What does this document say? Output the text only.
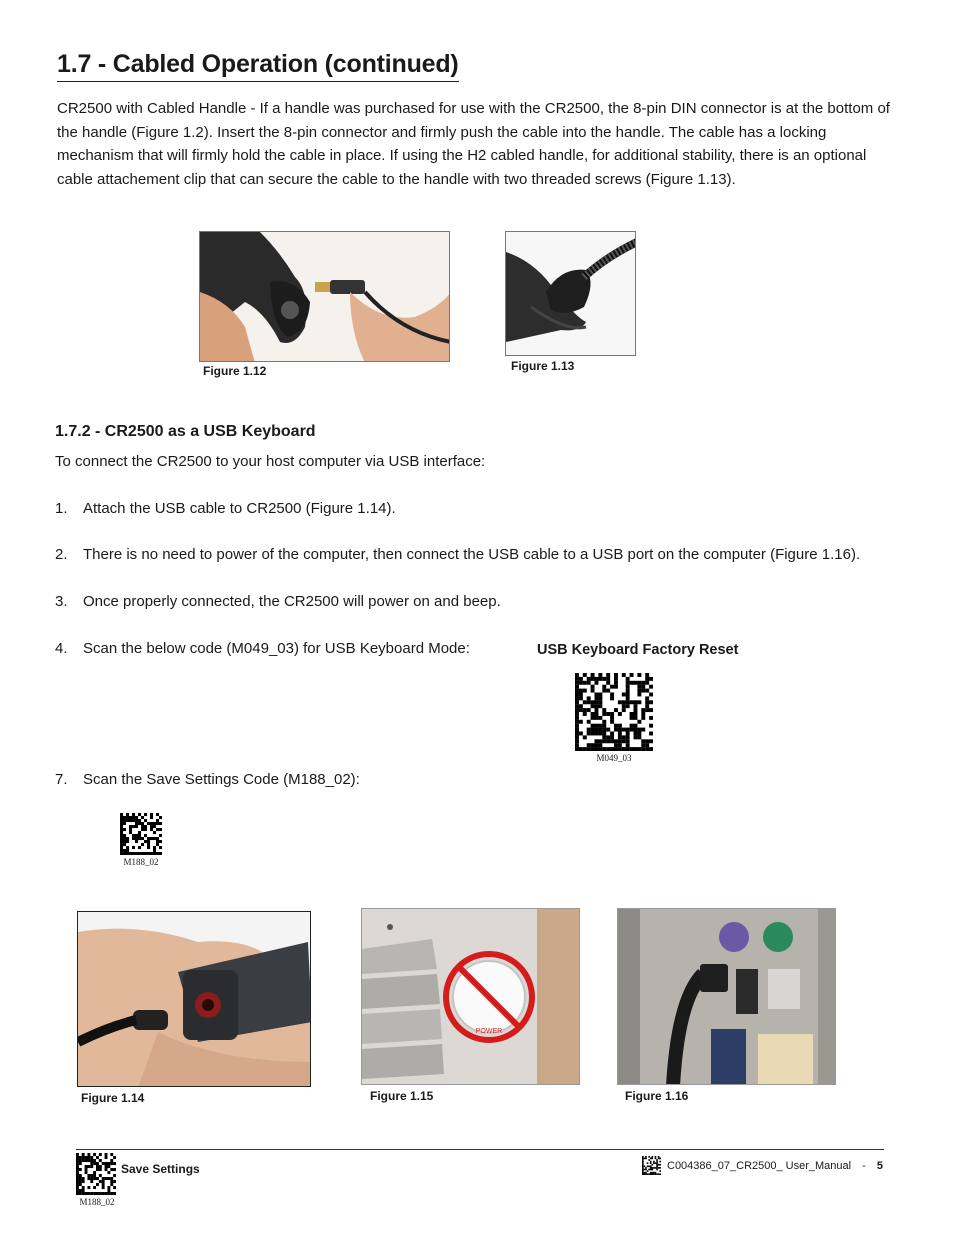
1.7 - Cabled Operation (continued)

CR2500 with Cabled Handle - If a handle was purchased for use with the CR2500, the 8-pin DIN connector is at the bottom of the handle (Figure 1.2). Insert the 8-pin connector and firmly push the cable into the handle. The cable has a locking mechanism that will firmly hold the cable in place. If using the H2 cabled handle, for additional stability, there is an optional cable attachement clip that can secure the cable to the handle with two threaded screws (Figure 1.13).

Figure 1.12	Figure 1.13
1.7.2 - CR2500 as a USB Keyboard
To connect the CR2500 to your host computer via USB interface:
1. Attach the USB cable to CR2500 (Figure 1.14).
2. There is no need to power of the computer, then connect the USB cable to a USB port on the computer (Figure 1.16).
3. Once properly connected, the CR2500 will power on and beep.
4. Scan the below code (M049_03) for USB Keyboard Mode:	USB Keyboard Factory Reset
M049_03
7. Scan the Save Settings Code (M188_02):
M188_02
Figure 1.14
POWER
Figure 1.15	Figure 1.16
Save Settings
M188_02
C004386_07_CR2500_ User_Manual - 5
